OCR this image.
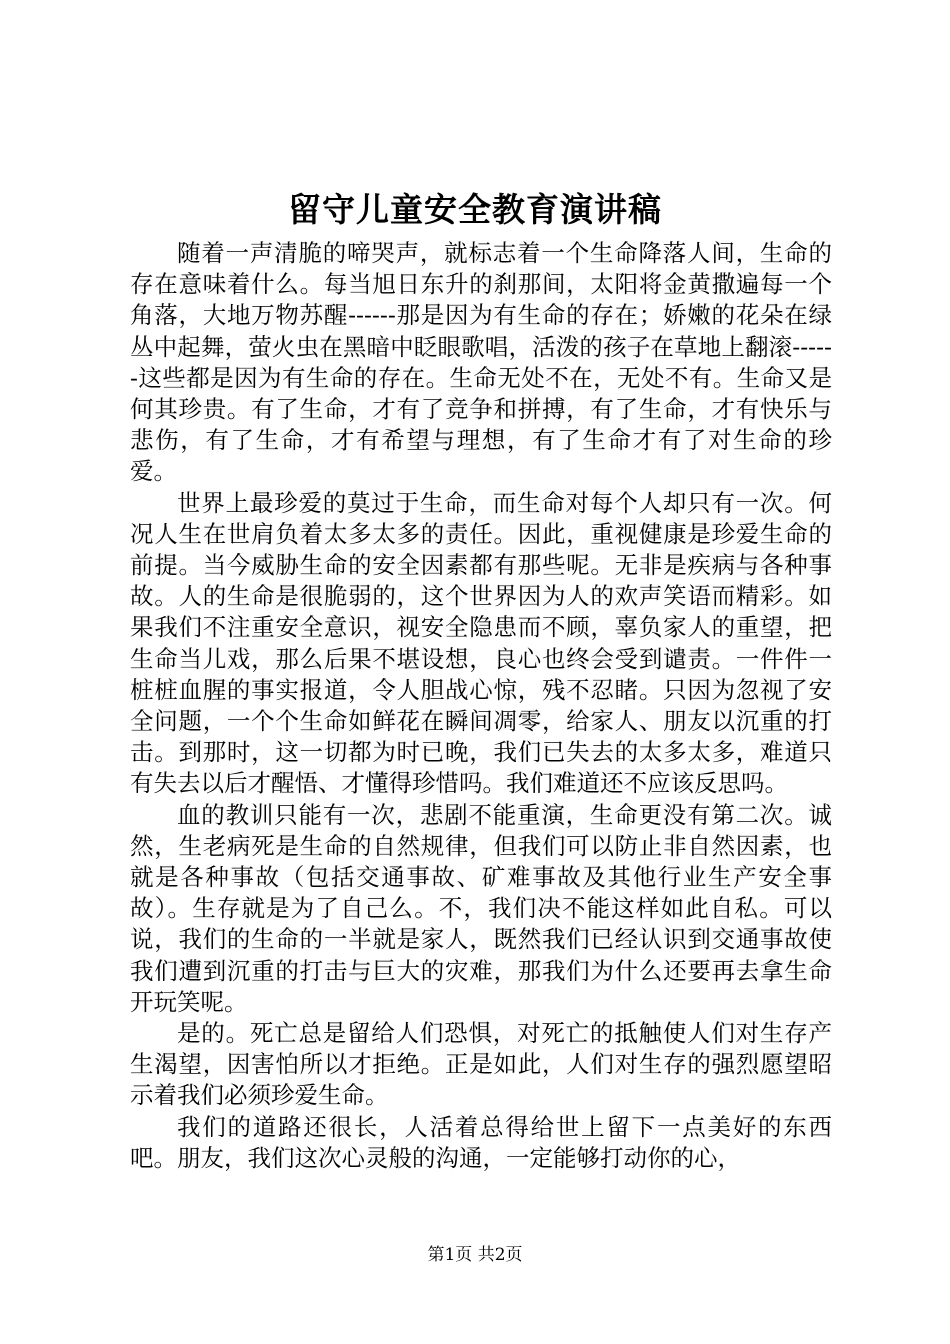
留守儿童安全教育演讲稿

随着一声清脆的啼哭声，就标志着一个生命降落人间，生命的存在意味着什么。每当旭日东升的刹那间，太阳将金黄撒遍每一个角落，大地万物苏醒------那是因为有生命的存在；娇嫩的花朵在绿丛中起舞，萤火虫在黑暗中眨眼歌唱，活泼的孩子在草地上翻滚------这些都是因为有生命的存在。生命无处不在，无处不有。生命又是何其珍贵。有了生命，才有了竞争和拼搏，有了生命，才有快乐与悲伤，有了生命，才有希望与理想，有了生命才有了对生命的珍爱。

世界上最珍爱的莫过于生命，而生命对每个人却只有一次。何况人生在世肩负着太多太多的责任。因此，重视健康是珍爱生命的前提。当今威胁生命的安全因素都有那些呢。无非是疾病与各种事故。人的生命是很脆弱的，这个世界因为人的欢声笑语而精彩。如果我们不注重安全意识，视安全隐患而不顾，辜负家人的重望，把生命当儿戏，那么后果不堪设想，良心也终会受到谴责。一件件一桩桩血腥的事实报道，令人胆战心惊，残不忍睹。只因为忽视了安全问题，一个个生命如鲜花在瞬间凋零，给家人、朋友以沉重的打击。到那时，这一切都为时已晚，我们已失去的太多太多，难道只有失去以后才醒悟、才懂得珍惜吗。我们难道还不应该反思吗。

血的教训只能有一次，悲剧不能重演，生命更没有第二次。诚然，生老病死是生命的自然规律，但我们可以防止非自然因素，也就是各种事故（包括交通事故、矿难事故及其他行业生产安全事故）。生存就是为了自己么。不，我们决不能这样如此自私。可以说，我们的生命的一半就是家人，既然我们已经认识到交通事故使我们遭到沉重的打击与巨大的灾难，那我们为什么还要再去拿生命开玩笑呢。

是的。死亡总是留给人们恐惧，对死亡的抵触使人们对生存产生渴望，因害怕所以才拒绝。正是如此，人们对生存的强烈愿望昭示着我们必须珍爱生命。

我们的道路还很长，人活着总得给世上留下一点美好的东西吧。朋友，我们这次心灵般的沟通，一定能够打动你的心，

第1页 共2页
